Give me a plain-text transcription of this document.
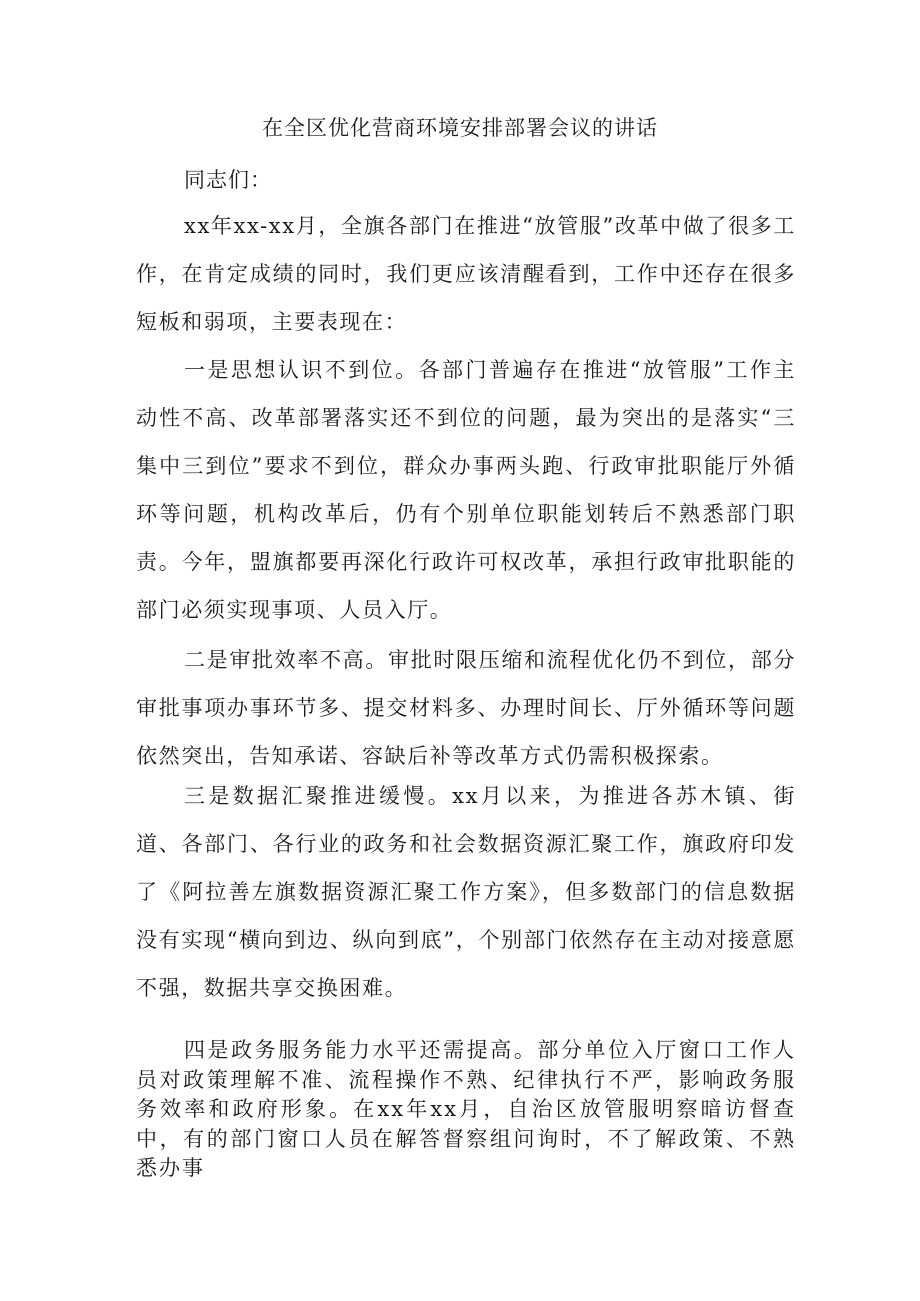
在全区优化营商环境安排部署会议的讲话
同志们：

xx年xx-xx月，全旗各部门在推进“放管服”改革中做了很多工作，在肯定成绩的同时，我们更应该清醒看到，工作中还存在很多短板和弱项，主要表现在：

一是思想认识不到位。各部门普遍存在推进“放管服”工作主动性不高、改革部署落实还不到位的问题，最为突出的是落实“三集中三到位”要求不到位，群众办事两头跑、行政审批职能厅外循环等问题，机构改革后，仍有个别单位职能划转后不熟悉部门职责。今年，盟旗都要再深化行政许可权改革，承担行政审批职能的部门必须实现事项、人员入厅。

二是审批效率不高。审批时限压缩和流程优化仍不到位，部分审批事项办事环节多、提交材料多、办理时间长、厅外循环等问题依然突出，告知承诺、容缺后补等改革方式仍需积极探索。

三是数据汇聚推进缓慢。xx月以来，为推进各苏木镇、街道、各部门、各行业的政务和社会数据资源汇聚工作，旗政府印发了《阿拉善左旗数据资源汇聚工作方案》，但多数部门的信息数据没有实现“横向到边、纵向到底”，个别部门依然存在主动对接意愿不强，数据共享交换困难。

四是政务服务能力水平还需提高。部分单位入厅窗口工作人员对政策理解不准、流程操作不熟、纪律执行不严，影响政务服务效率和政府形象。在xx年xx月，自治区放管服明察暗访督查中，有的部门窗口人员在解答督察组问询时，不了解政策、不熟悉办事
